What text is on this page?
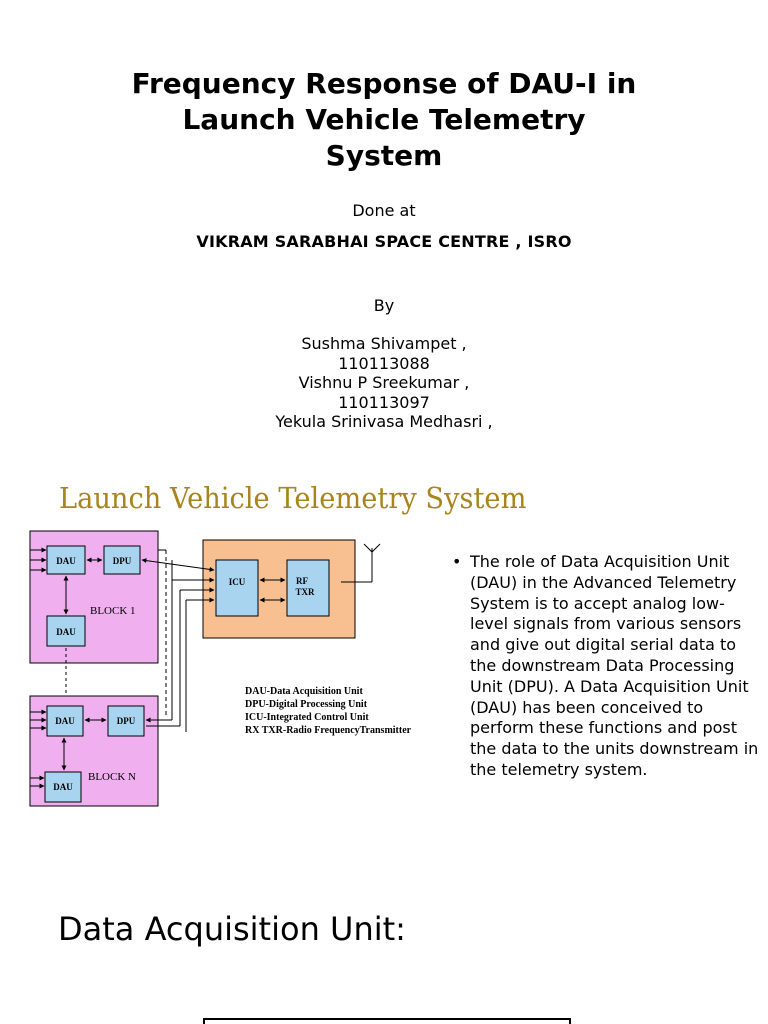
Frequency Response of DAU-I in
Launch Vehicle Telemetry
System
Done at
VIKRAM SARABHAI SPACE CENTRE , ISRO
By
Sushma Shivampet ,
110113088
Vishnu P Sreekumar ,
110113097
Yekula Srinivasa Medhasri ,
Launch Vehicle Telemetry System
DAU	DPU
DAU
BLOCK 1
DAU	DPU
DAU
BLOCK N
ICU	RF
TXR
DAU-Data Acquisition Unit
DPU-Digital Processing Unit
ICU-Integrated Control Unit
RX TXR-Radio FrequencyTransmitter
• The role of Data Acquisition Unit (DAU) in the Advanced Telemetry System is to accept analog low-level signals from various sensors and give out digital serial data to the downstream Data Processing Unit (DPU). A Data Acquisition Unit (DAU) has been conceived to perform these functions and post the data to the units downstream in the telemetry system.
Data Acquisition Unit:
